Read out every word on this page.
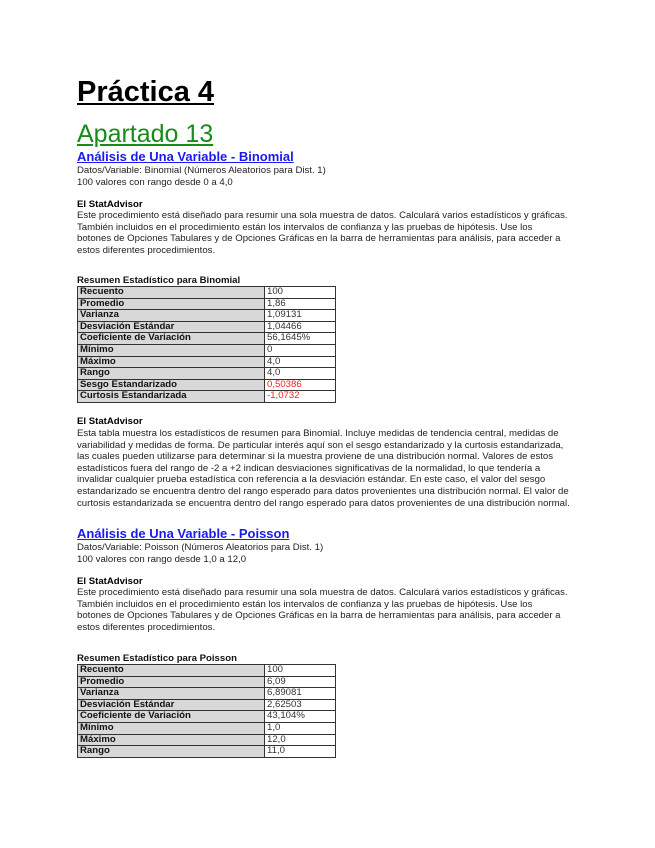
Práctica 4
Apartado 13
Análisis de Una Variable - Binomial
Datos/Variable: Binomial (Números Aleatorios para Dist. 1)
100 valores con rango desde 0 a 4,0
El StatAdvisor
Este procedimiento está diseñado para resumir una sola muestra de datos. Calculará varios estadísticos y gráficas.
También incluidos en el procedimiento están los intervalos de confianza y las pruebas de hipótesis. Use los
botones de Opciones Tabulares y de Opciones Gráficas en la barra de herramientas para análisis, para acceder a
estos diferentes procedimientos.
Resumen Estadístico para Binomial
Recuento	100
Promedio	1,86
Varianza	1,09131
Desviación Estándar	1,04466
Coeficiente de Variación	56,1645%
Mínimo	0
Máximo	4,0
Rango	4,0
Sesgo Estandarizado	0,50386
Curtosis Estandarizada	-1,0732
El StatAdvisor
Esta tabla muestra los estadísticos de resumen para Binomial. Incluye medidas de tendencia central, medidas de
variabilidad y medidas de forma. De particular interés aquí son el sesgo estandarizado y la curtosis estandarizada,
las cuales pueden utilizarse para determinar si la muestra proviene de una distribución normal. Valores de estos
estadísticos fuera del rango de -2 a +2 indican desviaciones significativas de la normalidad, lo que tendería a
invalidar cualquier prueba estadística con referencia a la desviación estándar. En este caso, el valor del sesgo
estandarizado se encuentra dentro del rango esperado para datos provenientes una distribución normal. El valor de
curtosis estandarizada se encuentra dentro del rango esperado para datos provenientes de una distribución normal.
Análisis de Una Variable - Poisson
Datos/Variable: Poisson (Números Aleatorios para Dist. 1)
100 valores con rango desde 1,0 a 12,0
El StatAdvisor
Este procedimiento está diseñado para resumir una sola muestra de datos. Calculará varios estadísticos y gráficas.
También incluidos en el procedimiento están los intervalos de confianza y las pruebas de hipótesis. Use los
botones de Opciones Tabulares y de Opciones Gráficas en la barra de herramientas para análisis, para acceder a
estos diferentes procedimientos.
Resumen Estadístico para Poisson
Recuento	100
Promedio	6,09
Varianza	6,89081
Desviación Estándar	2,62503
Coeficiente de Variación	43,104%
Mínimo	1,0
Máximo	12,0
Rango	11,0
